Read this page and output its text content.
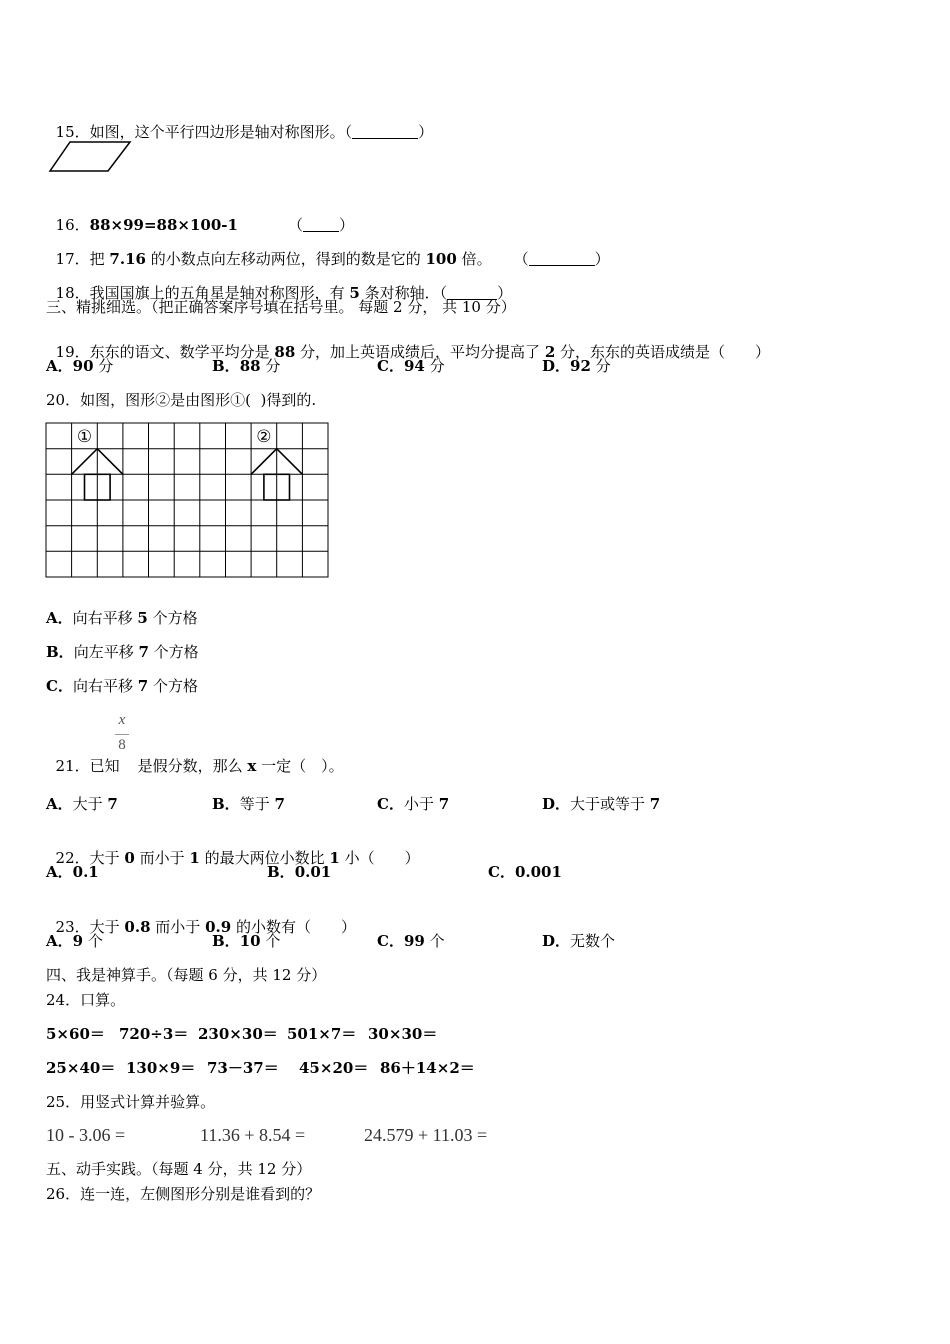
15．如图，这个平行四边形是轴对称图形。（	）

16．88×99=88×100-1	（ ）

17．把 7.16 的小数点向左移动两位，得到的数是它的 100 倍。 （	）

18．我国国旗上的五角星是轴对称图形，有 5 条对称轴．（	）

三、精挑细选。（把正确答案序号填在括号里。 每题 2 分， 共 10 分）

19．东东的语文、数学平均分是 88 分，加上英语成绩后，平均分提高了 2 分，东东的英语成绩是（　　）

A．90 分	B．88 分	C．94 分	D．92 分
20．如图，图形②是由图形①(  )得到的.
①	②
A．向右平移 5 个方格
B．向左平移 7 个方格
C．向右平移 7 个方格
x
8

21．已知 是假分数，那么 x 一定（　）。

A．大于 7	B．等于 7	C．小于 7	D．大于或等于 7

22．大于 0 而小于 1 的最大两位小数比 1 小（　　）

A．0.1	B．0.01	C．0.001

23．大于 0.8 而小于 0.9 的小数有（　　）

A．9 个	B．10 个	C．99 个	D．无数个
四、我是神算手。（每题 6 分，共 12 分）
24．口算。
5×60＝ 720÷3＝ 230×30＝ 501×7＝ 30×30＝
25×40＝ 130×9＝ 73－37＝ 45×20＝ 86＋14×2＝
25．用竖式计算并验算。
10 - 3.06 =	11.36 + 8.54 =	24.579 + 11.03 =
五、动手实践。（每题 4 分，共 12 分）
26．连一连，左侧图形分别是谁看到的？
